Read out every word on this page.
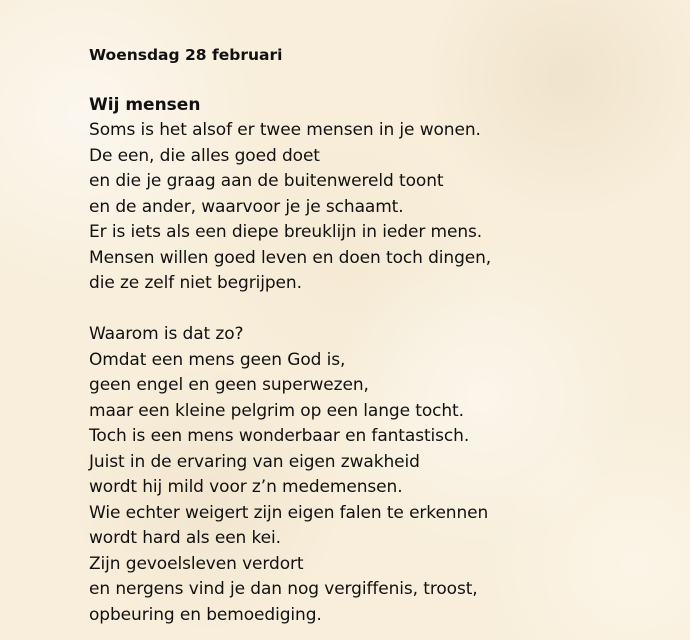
Woensdag 28 februari
Wij mensen
Soms is het alsof er twee mensen in je wonen.
De een, die alles goed doet
en die je graag aan de buitenwereld toont
en de ander, waarvoor je je schaamt.
Er is iets als een diepe breuklijn in ieder mens.
Mensen willen goed leven en doen toch dingen,
die ze zelf niet begrijpen.
Waarom is dat zo?
Omdat een mens geen God is,
geen engel en geen superwezen,
maar een kleine pelgrim op een lange tocht.
Toch is een mens wonderbaar en fantastisch.
Juist in de ervaring van eigen zwakheid
wordt hij mild voor z’n medemensen.
Wie echter weigert zijn eigen falen te erkennen
wordt hard als een kei.
Zijn gevoelsleven verdort
en nergens vind je dan nog vergiffenis, troost,
opbeuring en bemoediging.
